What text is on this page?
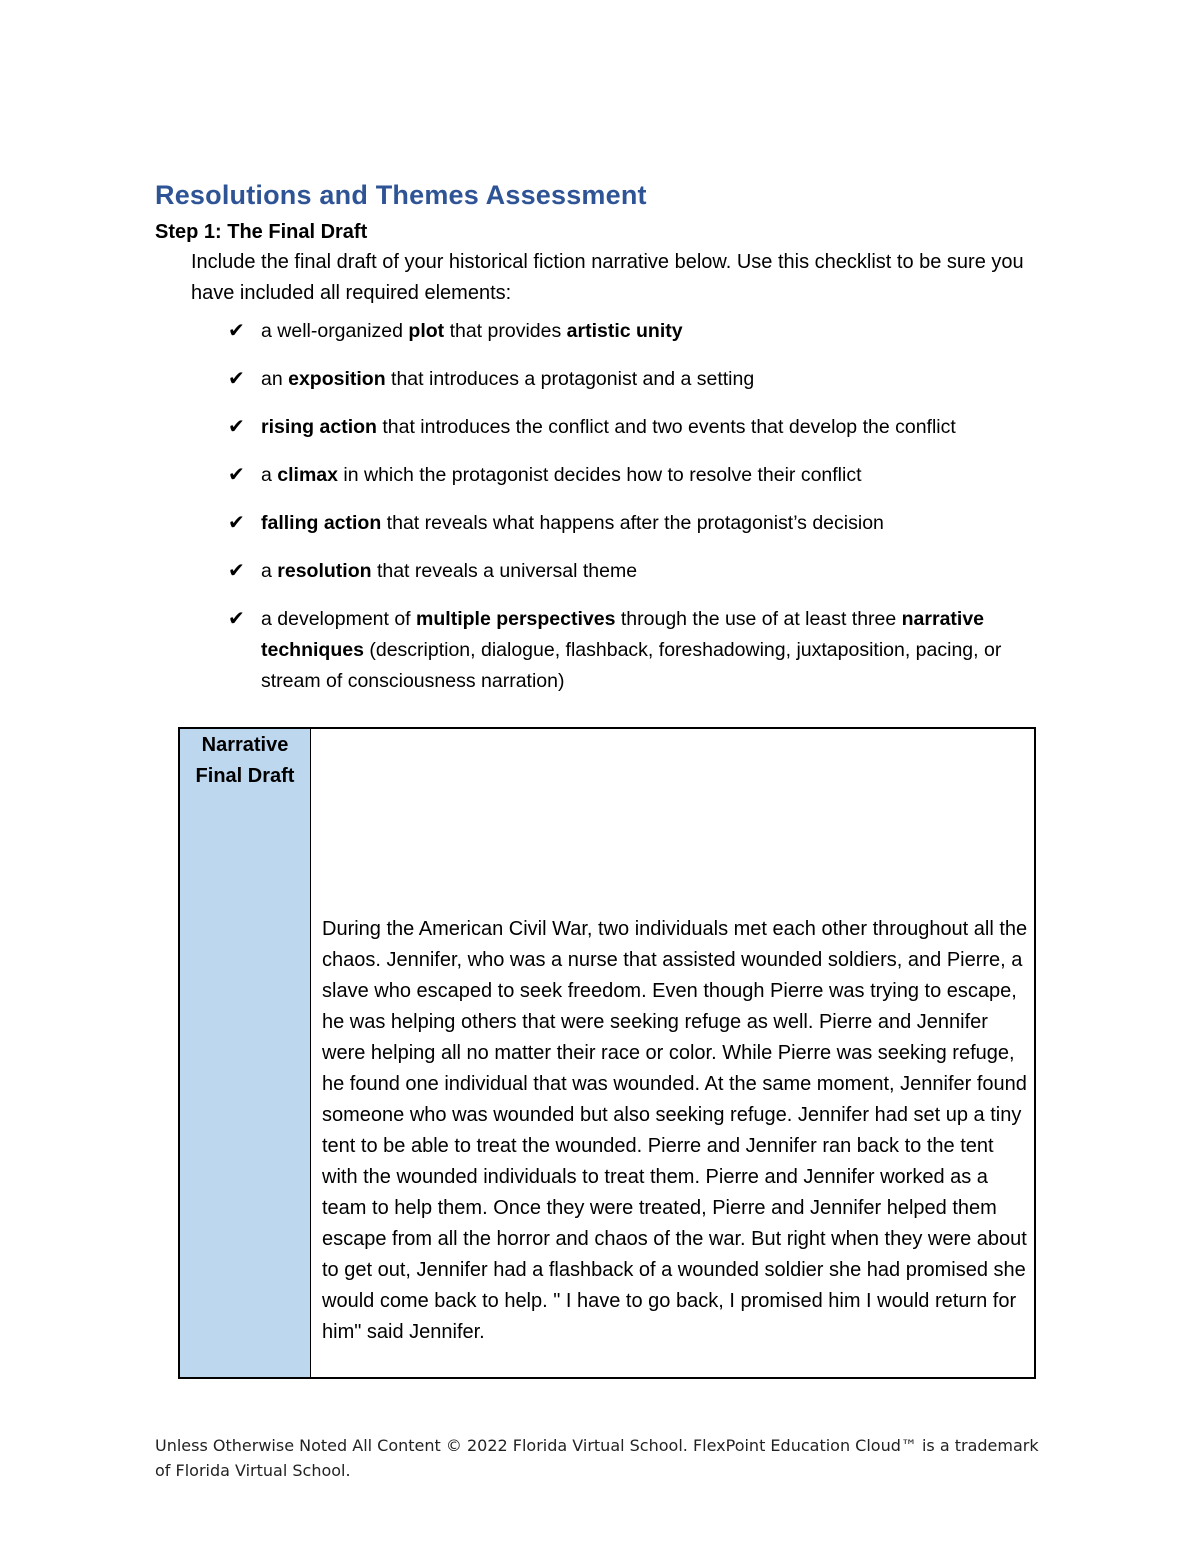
Resolutions and Themes Assessment
Step 1: The Final Draft

Include the final draft of your historical fiction narrative below. Use this checklist to be sure you have included all required elements:

✔ a well-organized plot that provides artistic unity
✔ an exposition that introduces a protagonist and a setting
✔ rising action that introduces the conflict and two events that develop the conflict
✔ a climax in which the protagonist decides how to resolve their conflict
✔ falling action that reveals what happens after the protagonist’s decision
✔ a resolution that reveals a universal theme
✔ a development of multiple perspectives through the use of at least three narrative techniques (description, dialogue, flashback, foreshadowing, juxtaposition, pacing, or stream of consciousness narration)
Narrative Final Draft

During the American Civil War, two individuals met each other throughout all the chaos. Jennifer, who was a nurse that assisted wounded soldiers, and Pierre, a slave who escaped to seek freedom. Even though Pierre was trying to escape, he was helping others that were seeking refuge as well. Pierre and Jennifer were helping all no matter their race or color. While Pierre was seeking refuge, he found one individual that was wounded. At the same moment, Jennifer found someone who was wounded but also seeking refuge. Jennifer had set up a tiny tent to be able to treat the wounded. Pierre and Jennifer ran back to the tent with the wounded individuals to treat them. Pierre and Jennifer worked as a team to help them. Once they were treated, Pierre and Jennifer helped them escape from all the horror and chaos of the war. But right when they were about to get out, Jennifer had a flashback of a wounded soldier she had promised she would come back to help. " I have to go back, I promised him I would return for him" said Jennifer.

Unless Otherwise Noted All Content © 2022 Florida Virtual School. FlexPoint Education Cloud™ is a trademark of Florida Virtual School.
